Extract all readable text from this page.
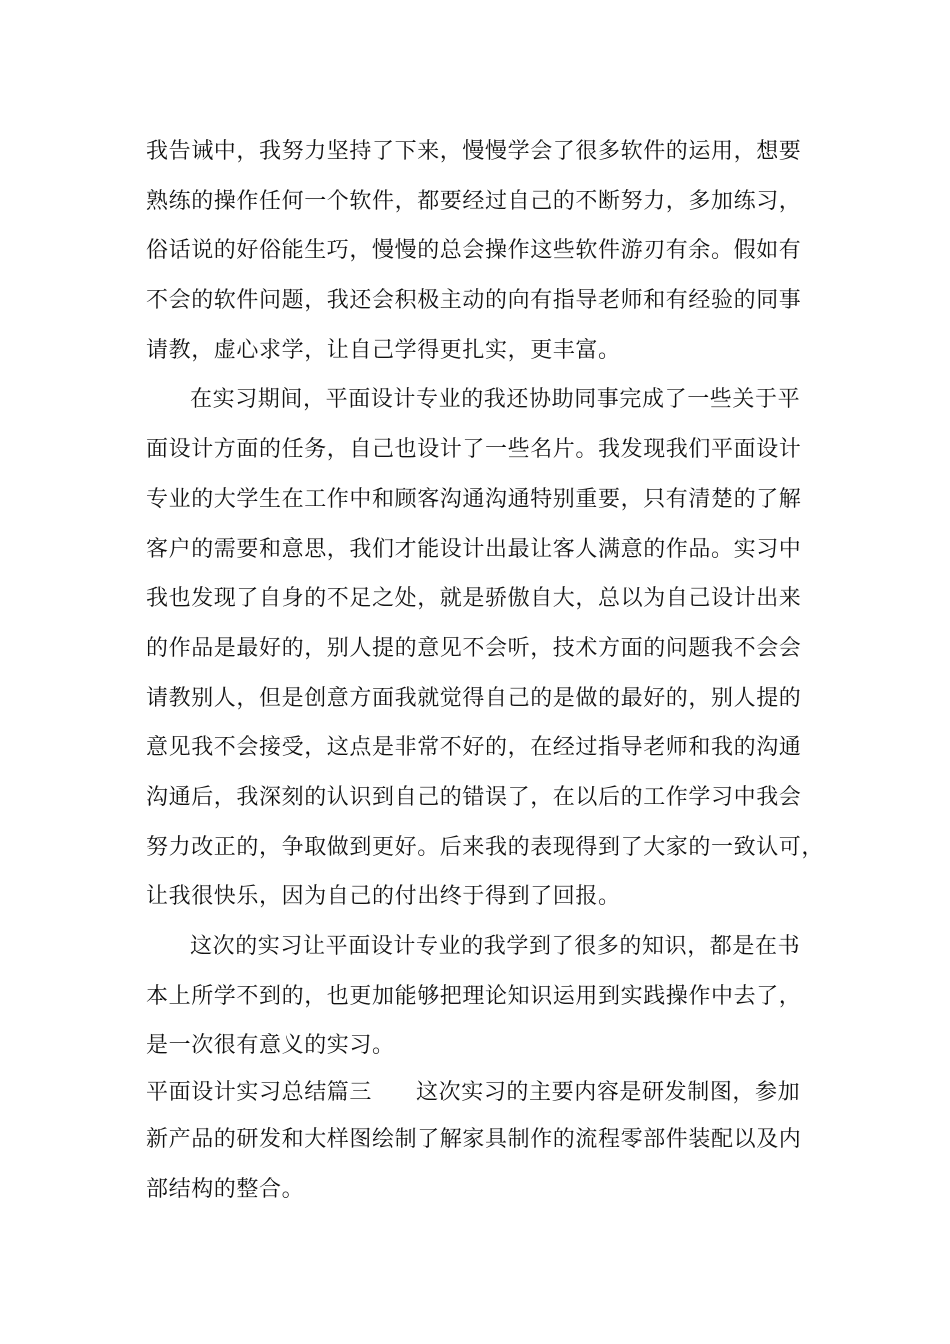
我告诫中，我努力坚持了下来，慢慢学会了很多软件的运用，想要
熟练的操作任何一个软件，都要经过自己的不断努力，多加练习，
俗话说的好俗能生巧，慢慢的总会操作这些软件游刃有余。假如有
不会的软件问题，我还会积极主动的向有指导老师和有经验的同事
请教，虚心求学，让自己学得更扎实，更丰富。
在实习期间，平面设计专业的我还协助同事完成了一些关于平
面设计方面的任务，自己也设计了一些名片。我发现我们平面设计
专业的大学生在工作中和顾客沟通沟通特别重要，只有清楚的了解
客户的需要和意思，我们才能设计出最让客人满意的作品。实习中
我也发现了自身的不足之处，就是骄傲自大，总以为自己设计出来
的作品是最好的，别人提的意见不会听，技术方面的问题我不会会
请教别人，但是创意方面我就觉得自己的是做的最好的，别人提的
意见我不会接受，这点是非常不好的，在经过指导老师和我的沟通
沟通后，我深刻的认识到自己的错误了，在以后的工作学习中我会
努力改正的，争取做到更好。后来我的表现得到了大家的一致认可，
让我很快乐，因为自己的付出终于得到了回报。
这次的实习让平面设计专业的我学到了很多的知识，都是在书
本上所学不到的，也更加能够把理论知识运用到实践操作中去了，
是一次很有意义的实习。
平面设计实习总结篇三 这次实习的主要内容是研发制图，参加
新产品的研发和大样图绘制了解家具制作的流程零部件装配以及内
部结构的整合。
